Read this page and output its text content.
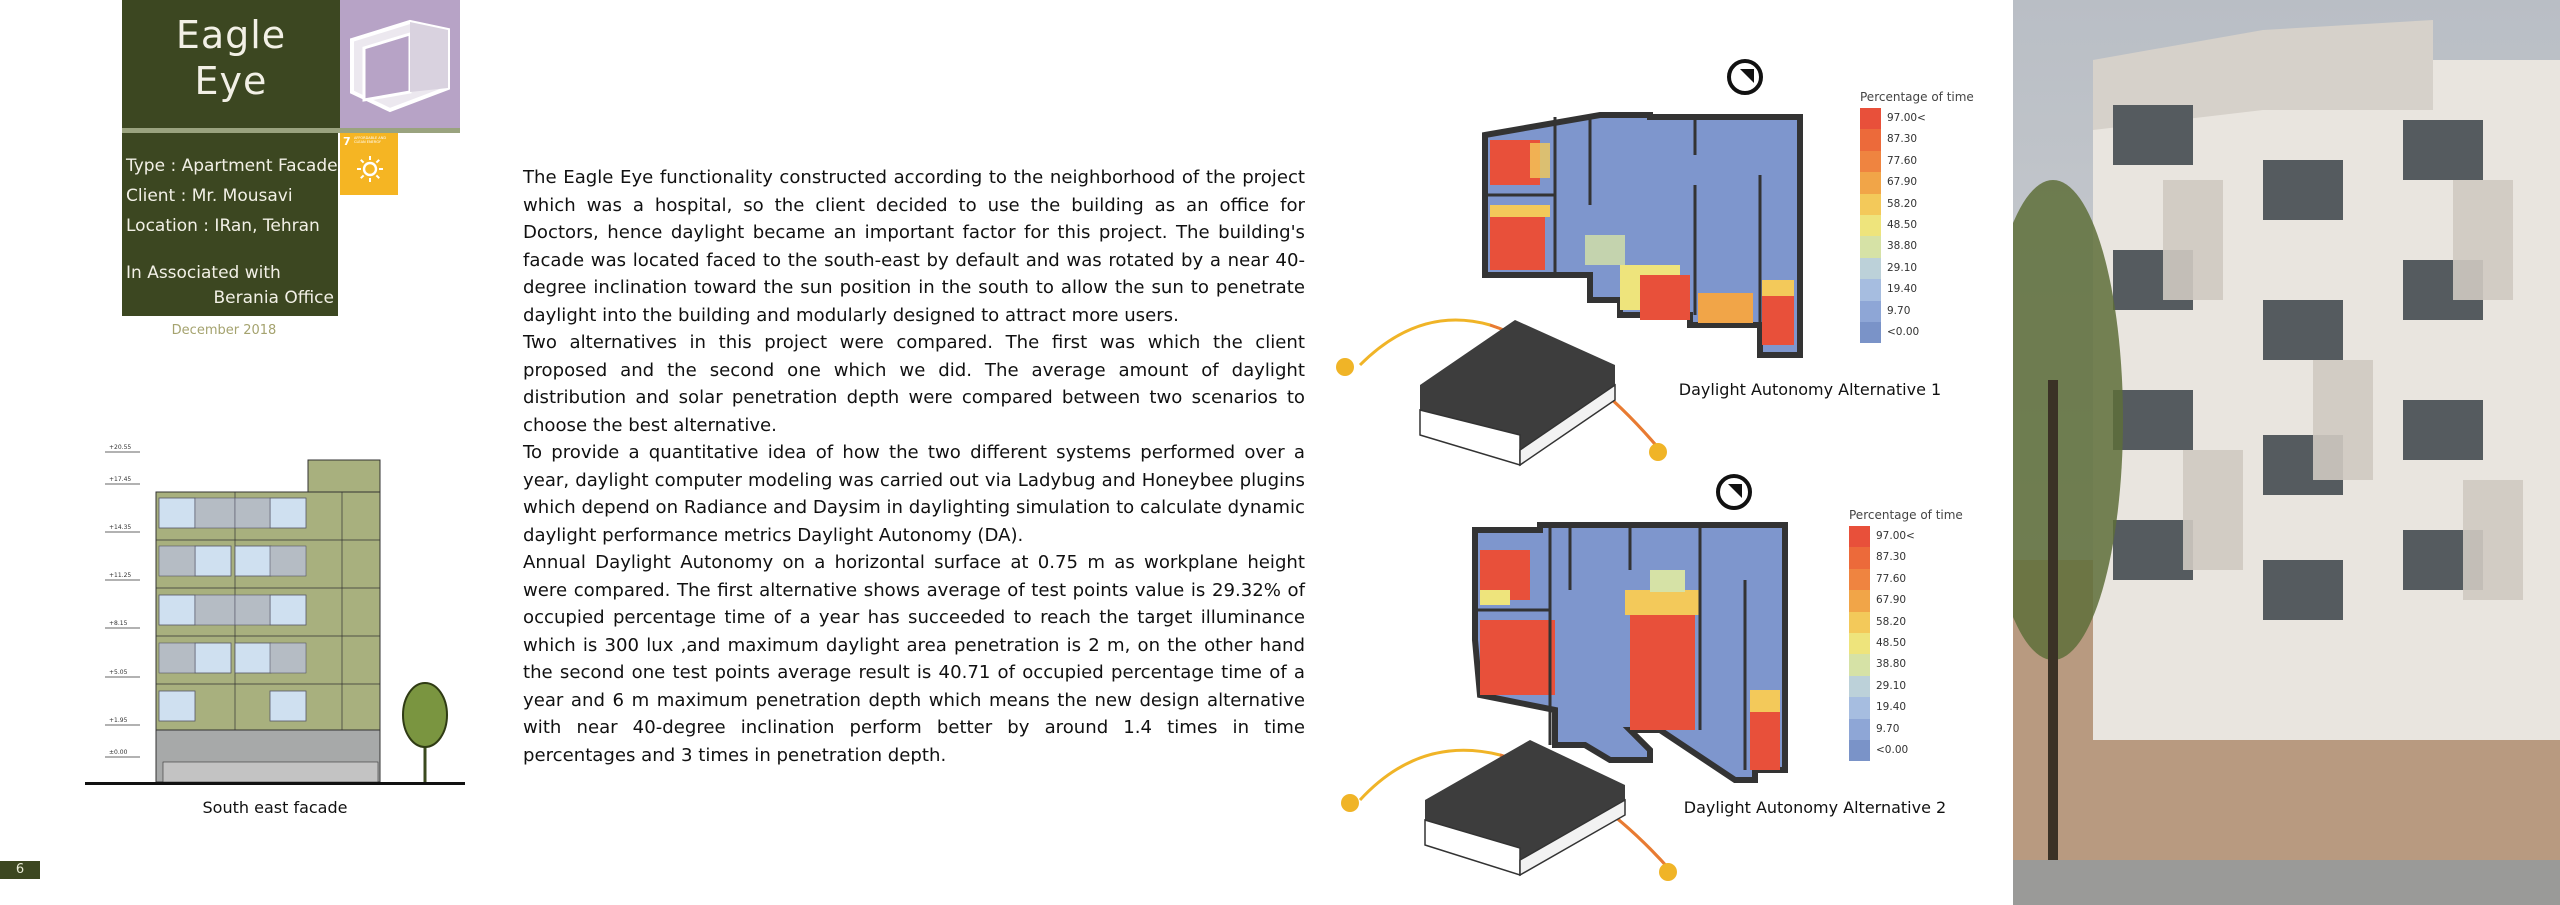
Eagle
Eye
Type : Apartment Facade
Client : Mr. Mousavi
Location : IRan, Tehran
In Associated with
Berania Office
7 AFFORDABLE AND CLEAN ENERGY
December 2018
+20.55
+17.45
+14.35
+11.25
+8.15
+5.05
+1.95
±0.00
South east facade

The Eagle Eye functionality constructed according to the neighborhood of the project which was a hospital, so the client decided to use the building as an office for Doctors, hence daylight became an important factor for this project. The building's facade was located faced to the south-east by default and was rotated by a near 40-degree inclination toward the sun position in the south to allow the sun to penetrate daylight into the building and modularly designed to attract more users.

Two alternatives in this project were compared. The first was which the client proposed and the second one which we did. The average amount of daylight distribution and solar penetration depth were compared between two scenarios to choose the best alternative.

To provide a quantitative idea of how the two different systems performed over a year, daylight computer modeling was carried out via Ladybug and Honeybee plugins which depend on Radiance and Daysim in daylighting simulation to calculate dynamic daylight performance metrics Daylight Autonomy (DA).

Annual Daylight Autonomy on a horizontal surface at 0.75 m as workplane height were compared. The first alternative shows average of test points value is 29.32% of occupied percentage time of a year has succeeded to reach the target illuminance which is 300 lux ,and maximum daylight area penetration is 2 m, on the other hand the second one test points average result is 40.71 of occupied percentage time of a year and 6 m maximum penetration depth which means the new design alternative with near 40-degree inclination perform better by around 1.4 times in time percentages and 3 times in penetration depth.

Percentage of time
97.00<
87.30
77.60
67.90
58.20
48.50
38.80
29.10
19.40
9.70
<0.00
Daylight Autonomy Alternative 1
Percentage of time
97.00<
87.30
77.60
67.90
58.20
48.50
38.80
29.10
19.40
9.70
<0.00
Daylight Autonomy Alternative 2
6
